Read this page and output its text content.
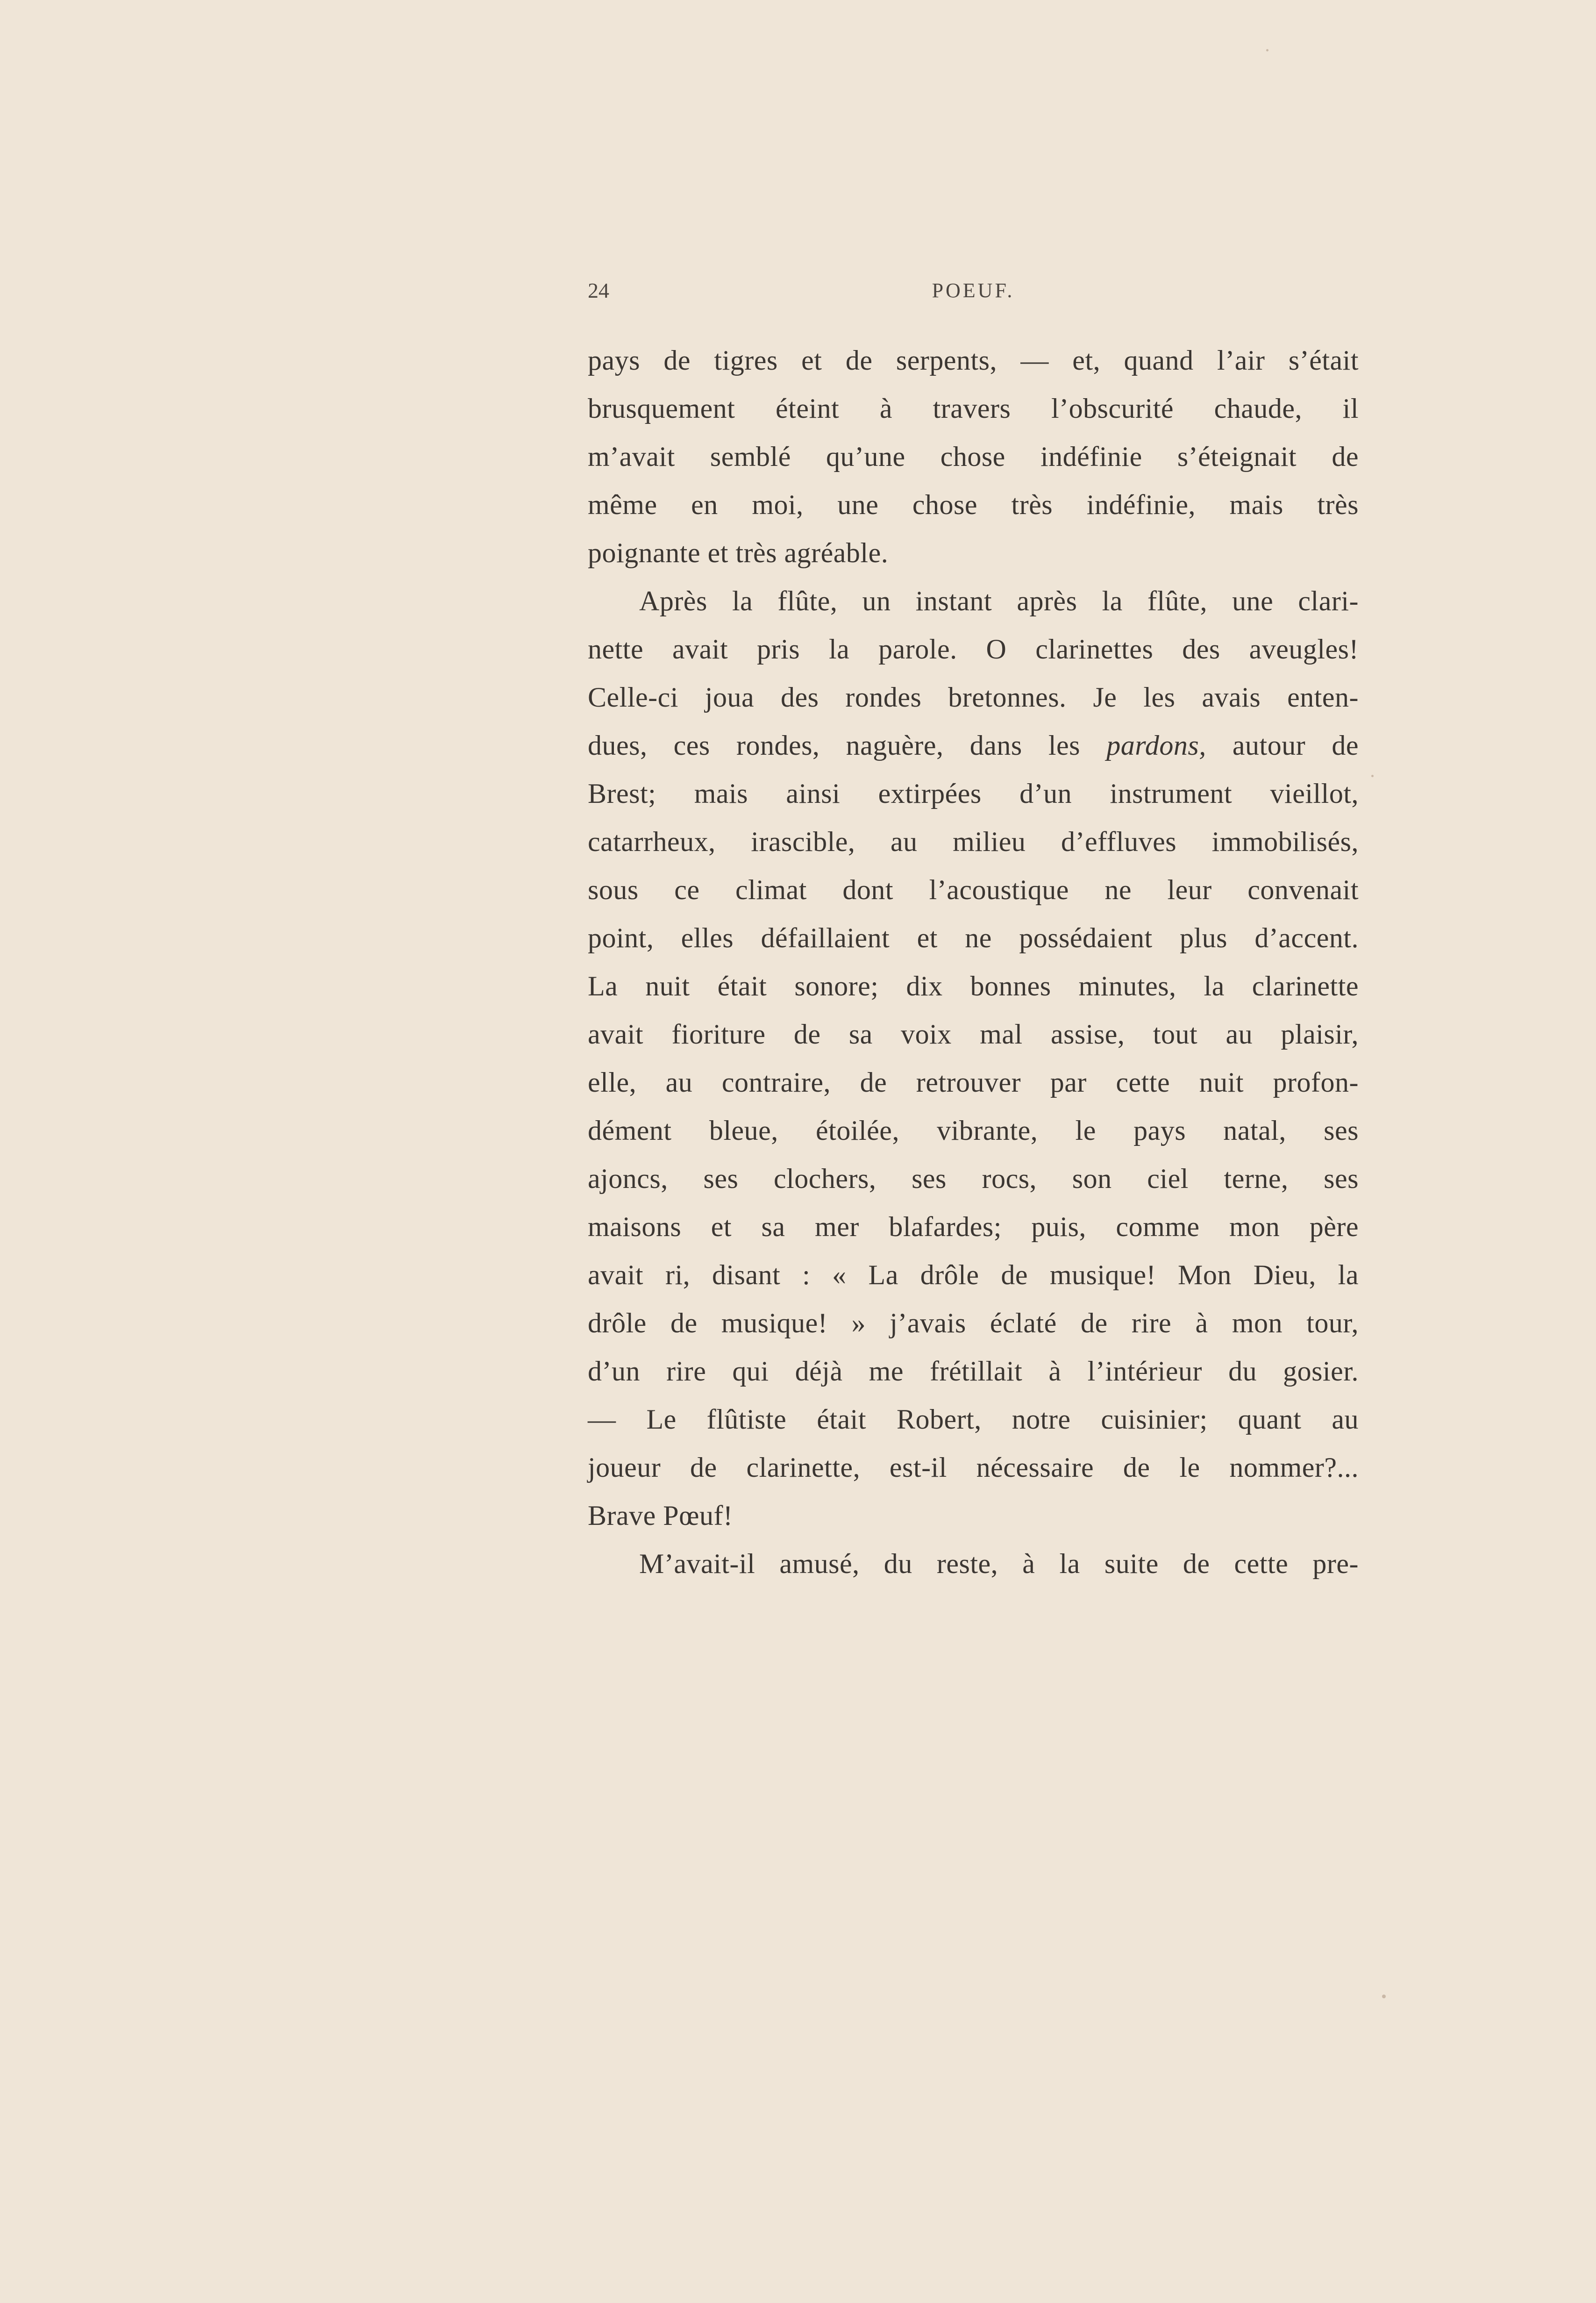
24	POEUF.
pays de tigres et de serpents, — et, quand l’air s’était
brusquement éteint à travers l’obscurité chaude, il
m’avait semblé qu’une chose indéfinie s’éteignait de
même en moi, une chose très indéfinie, mais très
poignante et très agréable.
Après la flûte, un instant après la flûte, une clari-
nette avait pris la parole. O clarinettes des aveugles!
Celle-ci joua des rondes bretonnes. Je les avais enten-
dues, ces rondes, naguère, dans les pardons, autour de
Brest; mais ainsi extirpées d’un instrument vieillot,
catarrheux, irascible, au milieu d’effluves immobilisés,
sous ce climat dont l’acoustique ne leur convenait
point, elles défaillaient et ne possédaient plus d’accent.
La nuit était sonore; dix bonnes minutes, la clarinette
avait fioriture de sa voix mal assise, tout au plaisir,
elle, au contraire, de retrouver par cette nuit profon-
dément bleue, étoilée, vibrante, le pays natal, ses
ajoncs, ses clochers, ses rocs, son ciel terne, ses
maisons et sa mer blafardes; puis, comme mon père
avait ri, disant : « La drôle de musique! Mon Dieu, la
drôle de musique! » j’avais éclaté de rire à mon tour,
d’un rire qui déjà me frétillait à l’intérieur du gosier.
— Le flûtiste était Robert, notre cuisinier; quant au
joueur de clarinette, est-il nécessaire de le nommer?...
Brave Pœuf!
M’avait-il amusé, du reste, à la suite de cette pre-
